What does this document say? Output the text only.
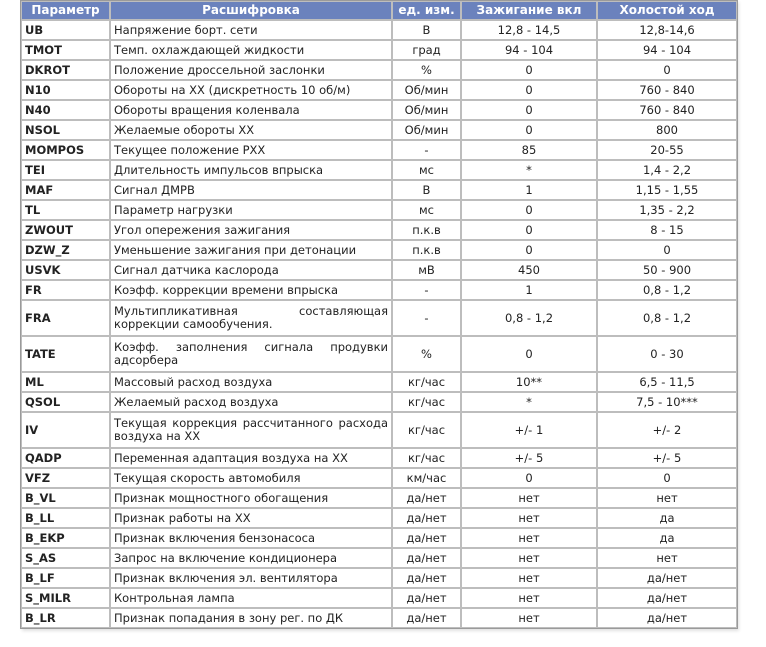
Параметр	Расшифровка	ед. изм.	Зажигание вкл	Холостой ход
UB	Напряжение борт. сети	В	12,8 - 14,5	12,8-14,6
TMOT	Темп. охлаждающей жидкости	град	94 - 104	94 - 104
DKROT	Положение дроссельной заслонки	%	0	0
N10	Обороты на ХХ (дискретность 10 об/м)	Об/мин	0	760 - 840
N40	Обороты вращения коленвала	Об/мин	0	760 - 840
NSOL	Желаемые обороты ХХ	Об/мин	0	800
MOMPOS	Текущее положение РХХ	-	85	20-55
TEI	Длительность импульсов впрыска	мс	*	1,4 - 2,2
MAF	Сигнал ДМРВ	В	1	1,15 - 1,55
TL	Параметр нагрузки	мс	0	1,35 - 2,2
ZWOUT	Угол опережения зажигания	п.к.в	0	8 - 15
DZW_Z	Уменьшение зажигания при детонации	п.к.в	0	0
USVK	Сигнал датчика каслорода	мВ	450	50 - 900
FR	Коэфф. коррекции времени впрыска	-	1	0,8 - 1,2
FRA	Мультипликативная составляющая коррекции самообучения.	-	0,8 - 1,2	0,8 - 1,2
TATE	Коэфф. заполнения сигнала продувки адсорбера	%	0	0 - 30
ML	Массовый расход воздуха	кг/час	10**	6,5 - 11,5
QSOL	Желаемый расход воздуха	кг/час	*	7,5 - 10***
IV	Текущая коррекция рассчитанного расхода воздуха на ХХ	кг/час	+/- 1	+/- 2
QADP	Переменная адаптация воздуха на ХХ	кг/час	+/- 5	+/- 5
VFZ	Текущая скорость автомобиля	км/час	0	0
B_VL	Признак мощностного обогащения	да/нет	нет	нет
B_LL	Признак работы на ХХ	да/нет	нет	да
B_EKP	Признак включения бензонасоса	да/нет	нет	да
S_AS	Запрос на включение кондиционера	да/нет	нет	нет
B_LF	Признак включения эл. вентилятора	да/нет	нет	да/нет
S_MILR	Контрольная лампа	да/нет	нет	да/нет
B_LR	Признак попадания в зону рег. по ДК	да/нет	нет	да/нет
